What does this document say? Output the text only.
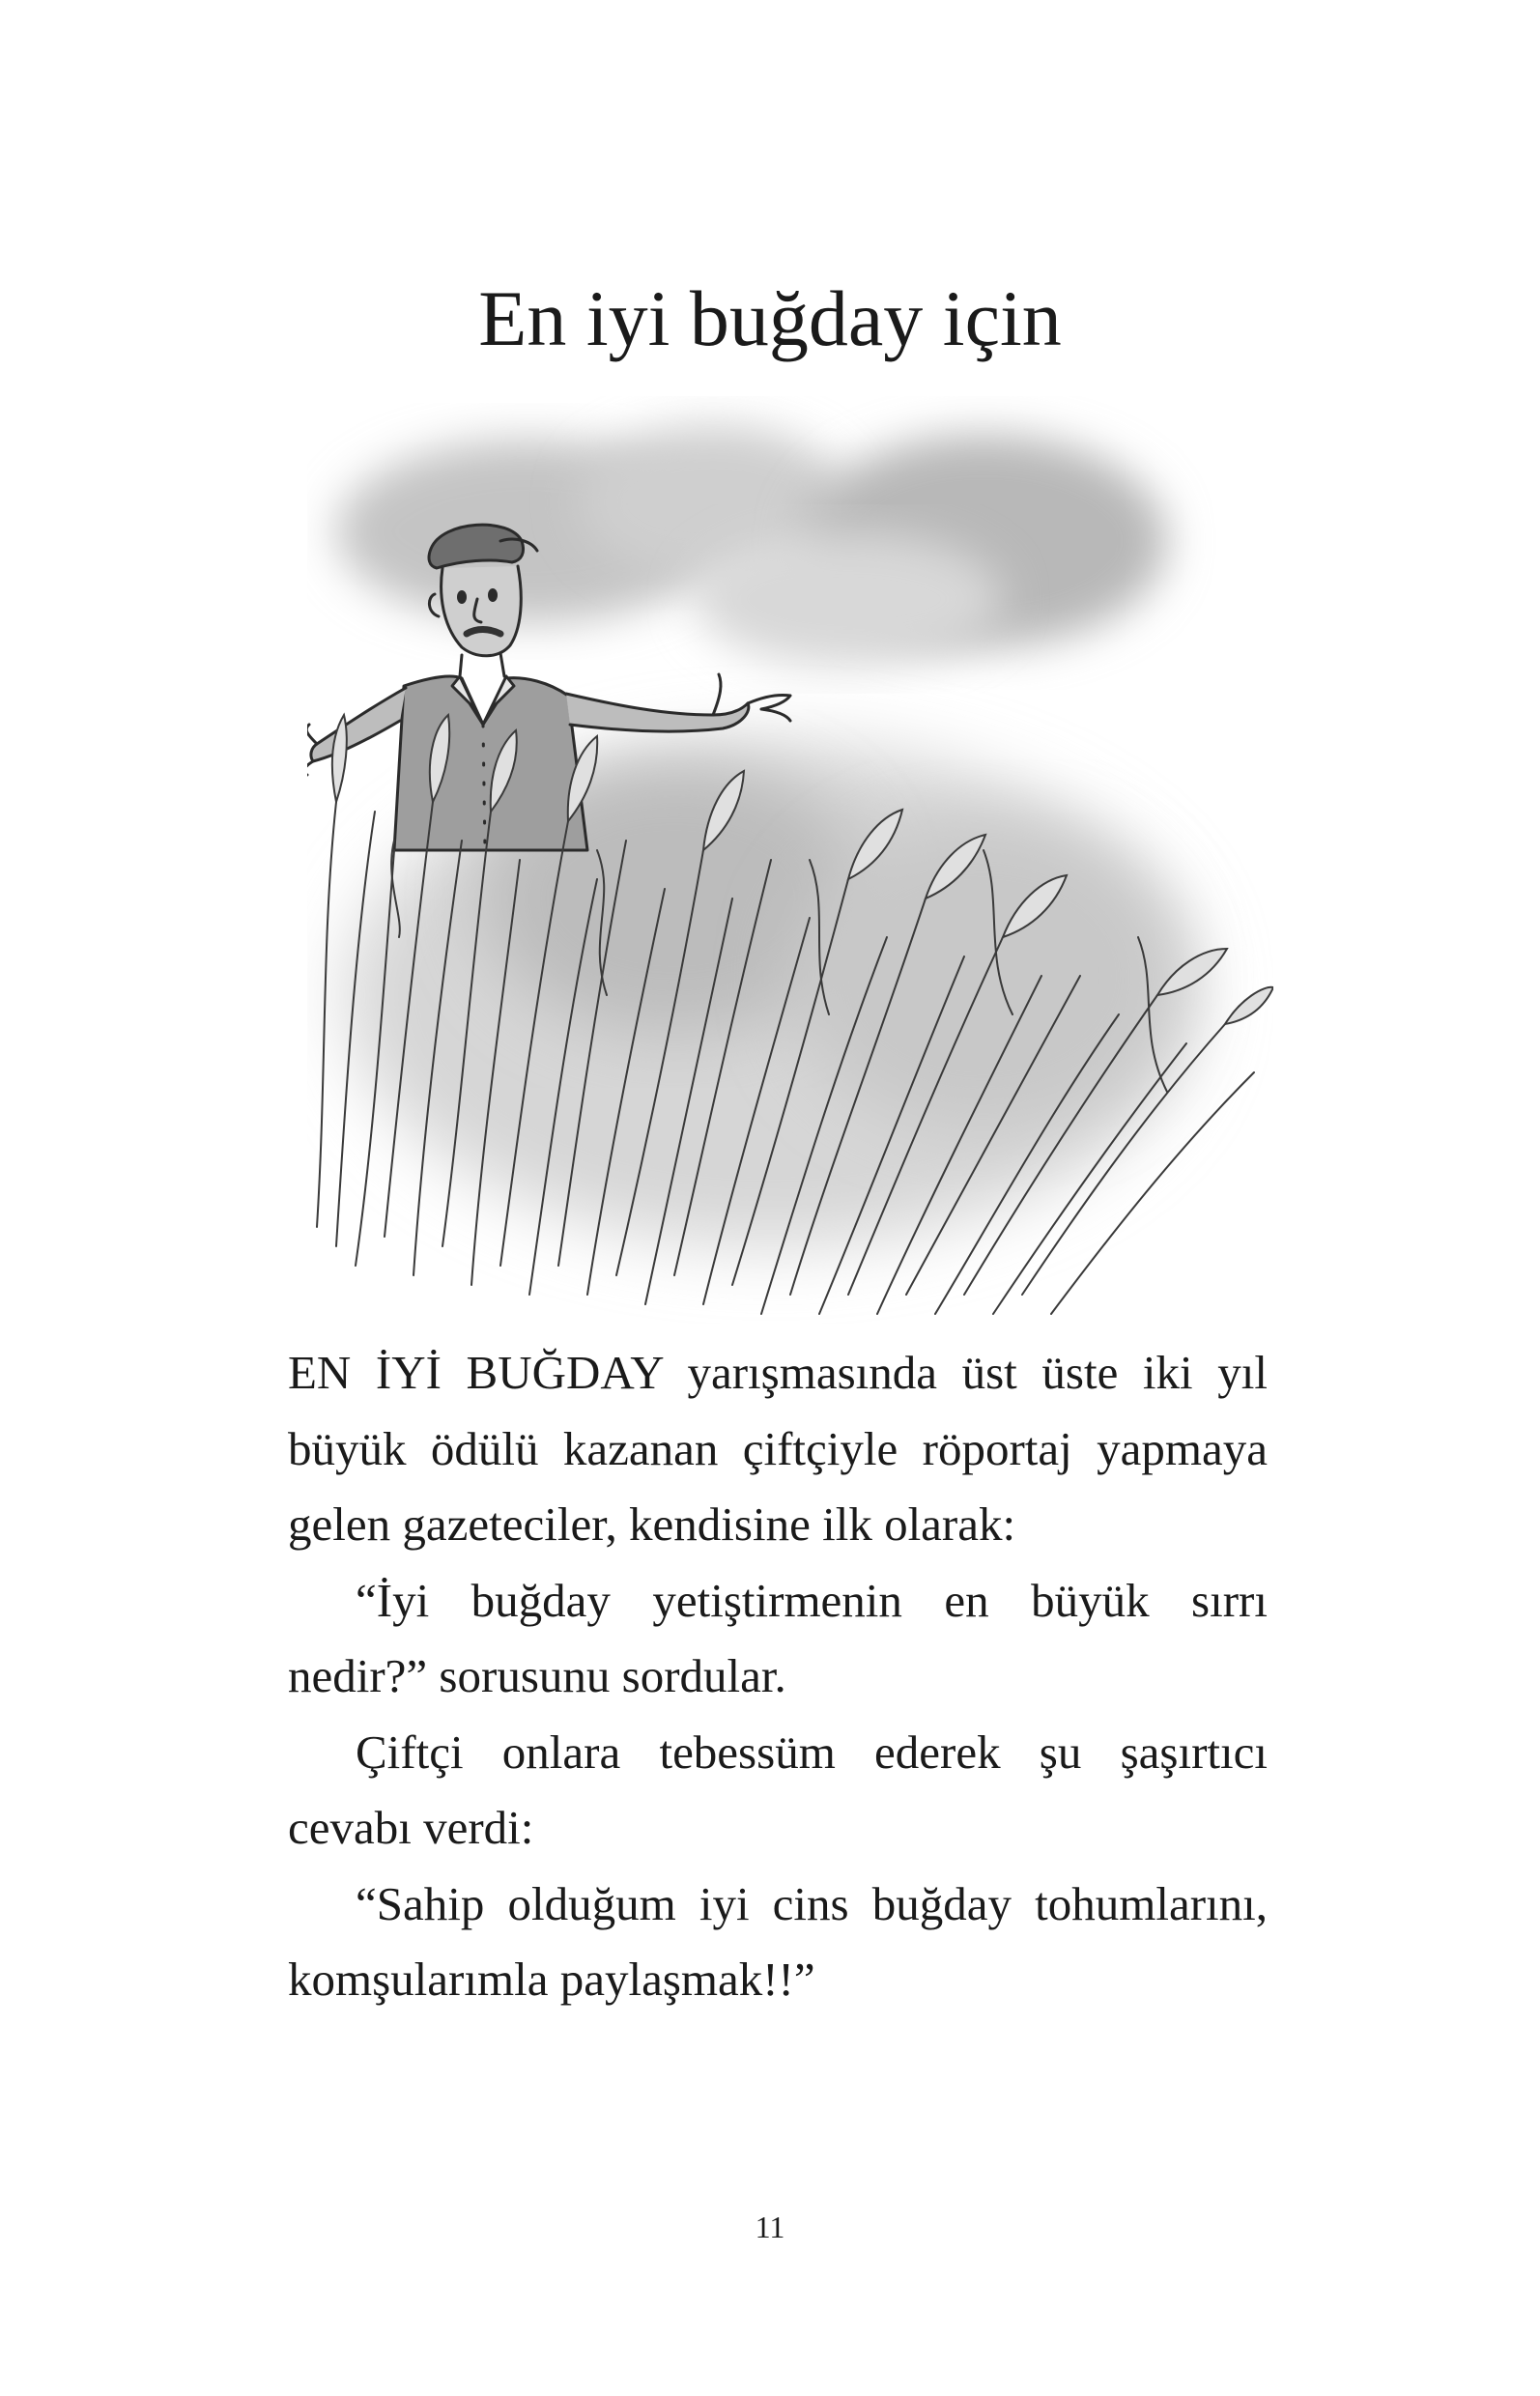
En iyi buğday için

EN İYİ BUĞDAY yarışmasında üst üste iki yıl büyük ödülü kazanan çiftçiyle röportaj yapmaya gelen gazeteciler, kendisine ilk olarak:

“İyi buğday yetiştirmenin en büyük sırrı nedir?” sorusunu sordular.

Çiftçi onlara tebessüm ederek şu şaşırtıcı cevabı verdi:

“Sahip olduğum iyi cins buğday tohumlarını, komşularımla paylaşmak!!”

11
